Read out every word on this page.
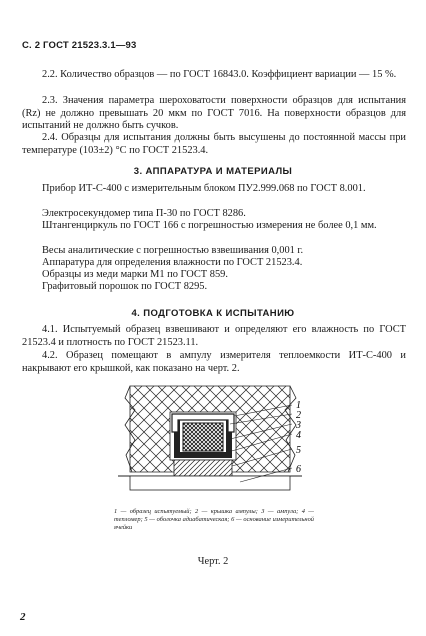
С. 2 ГОСТ 21523.3.1—93
2.2. Количество образцов — по ГОСТ 16843.0. Коэффициент вариации — 15 %.
2.3. Значения параметра шероховатости поверхности образцов для испытания (Rz) не должно превышать 20 мкм по ГОСТ 7016. На поверхности образцов для испытаний не должно быть сучков.
2.4. Образцы для испытания должны быть высушены до постоянной массы при температуре (103±2) °С по ГОСТ 21523.4.
3. АППАРАТУРА И МАТЕРИАЛЫ
Прибор ИТ-С-400 с измерительным блоком ПУ2.999.068 по ГОСТ 8.001.
Электросекундомер типа П-30 по ГОСТ 8286.
Штангенциркуль по ГОСТ 166 с погрешностью измерения не более 0,1 мм.
Весы аналитические с погрешностью взвешивания 0,001 г.
Аппаратура для определения влажности по ГОСТ 21523.4.
Образцы из меди марки М1 по ГОСТ 859.
Графитовый порошок по ГОСТ 8295.
4. ПОДГОТОВКА К ИСПЫТАНИЮ
4.1. Испытуемый образец взвешивают и определяют его влажность по ГОСТ 21523.4 и плотность по ГОСТ 21523.11.
4.2. Образец помещают в ампулу измерителя теплоемкости ИТ-С-400 и накрывают его крышкой, как показано на черт. 2.
1
2
3
4
5
6
1 — образец испытуемый; 2 — крышка ампулы; 3 — ампула; 4 — тепломер; 5 — оболочка адиабатическая; 6 — основание измерительной ячейки
Черт. 2
2
